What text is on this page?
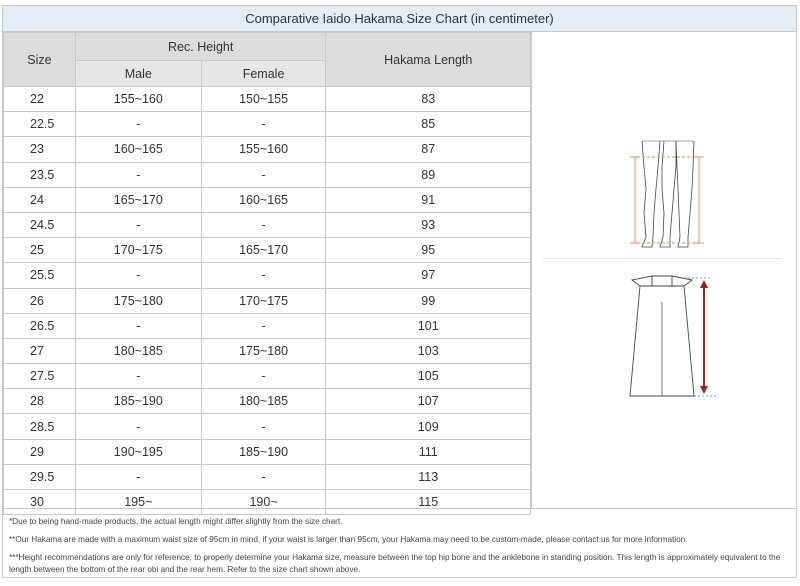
Comparative Iaido Hakama Size Chart (in centimeter)
Size	Rec. Height		Hakama Length
	Male	Female	
22	155~160	150~155	83
22.5	-	-	85
23	160~165	155~160	87
23.5	-	-	89
24	165~170	160~165	91
24.5	-	-	93
25	170~175	165~170	95
25.5	-	-	97
26	175~180	170~175	99
26.5	-	-	101
27	180~185	175~180	103
27.5	-	-	105
28	185~190	180~185	107
28.5	-	-	109
29	190~195	185~190	111
29.5	-	-	113
30	195~	190~	115

*Due to being hand-made products, the actual length might differ slightly from the size chart.

**Our Hakama are made with a maximum waist size of 95cm in mind, if your waist is larger than 95cm, your Hakama may need to be custom-made, please contact us for more information.

***Height recommendations are only for reference, to properly determine your Hakama size, measure between the top hip bone and the anklebone in standing position. This length is approximately equivalent to the length between the bottom of the rear obi and the rear hem. Refer to the size chart shown above.
